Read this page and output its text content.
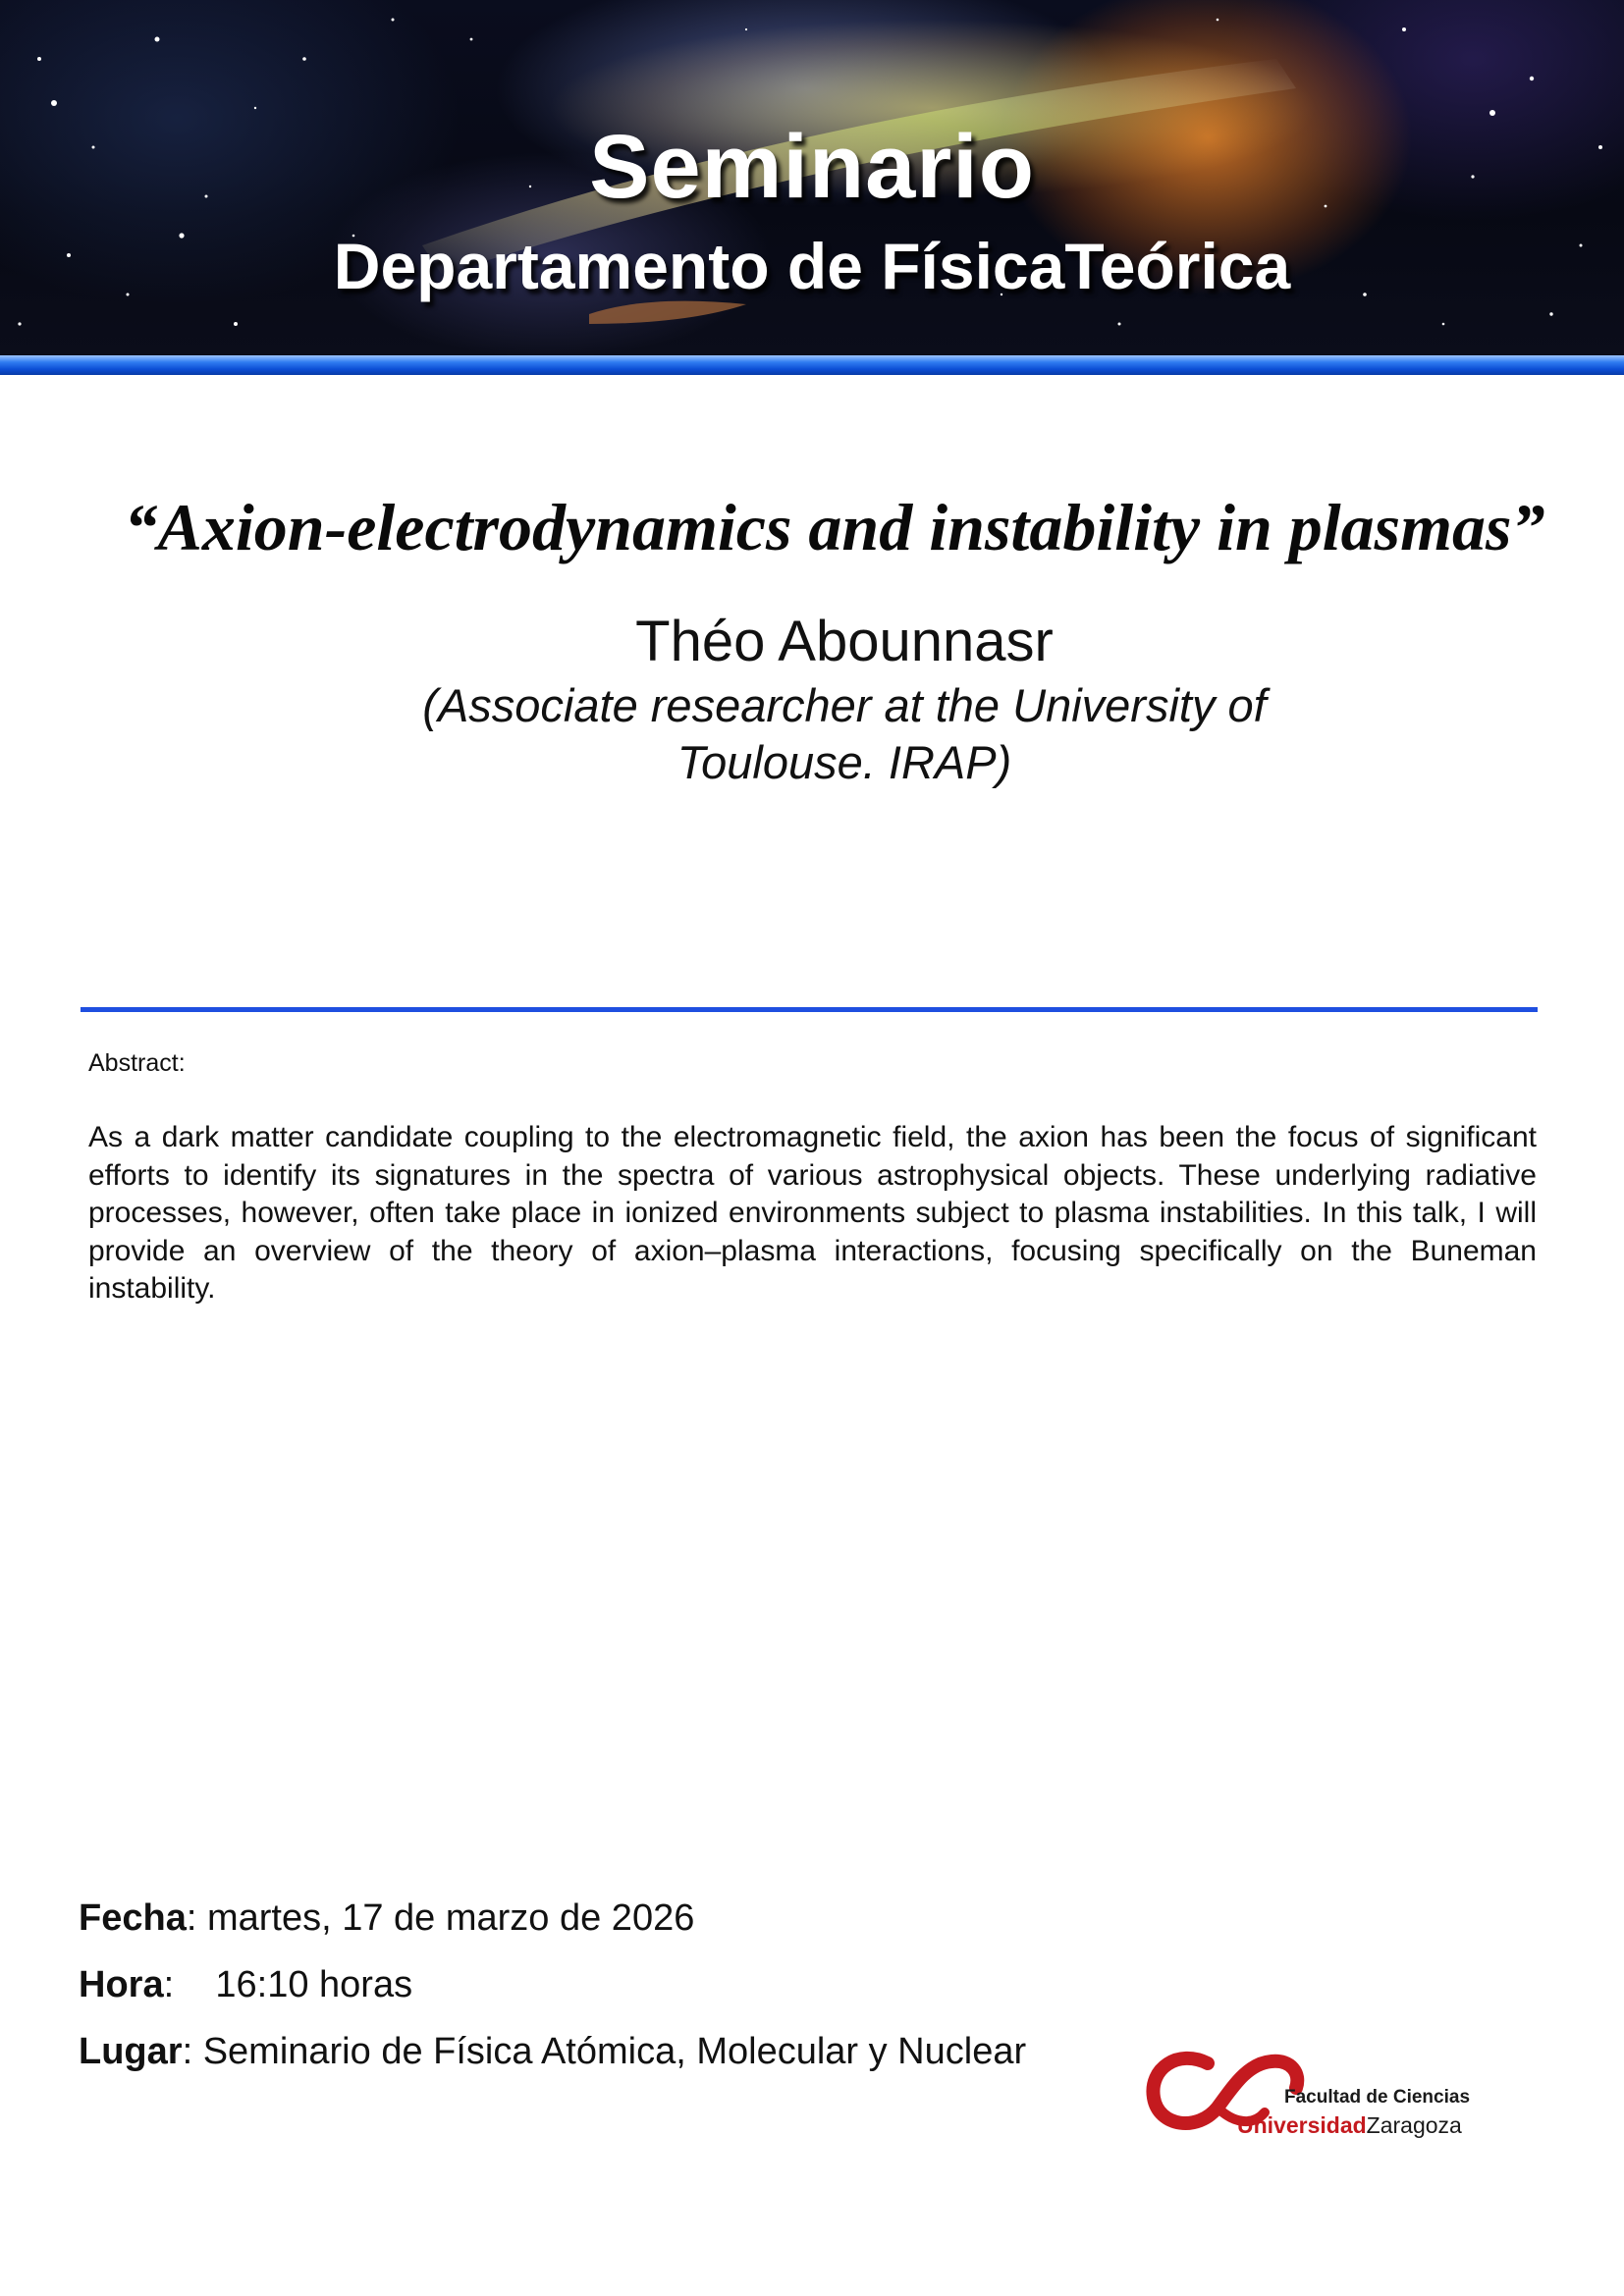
Seminario
Departamento de FísicaTeórica
“Axion-electrodynamics and instability in plasmas”
Théo Abounnasr
(Associate researcher at the University of
Toulouse. IRAP)
Abstract:
As a dark matter candidate coupling to the electromagnetic field, the axion has been the focus of significant efforts to identify its signatures in the spectra of various astrophysical objects. These underlying radiative processes, however, often take place in ionized environments subject to plasma instabilities. In this talk, I will provide an overview of the theory of axion–plasma interactions, focusing specifically on the Buneman instability.
Fecha: martes, 17 de marzo de 2026
Hora:    16:10 horas
Lugar: Seminario de Física Atómica, Molecular y Nuclear
Facultad de Ciencias
UniversidadZaragoza
